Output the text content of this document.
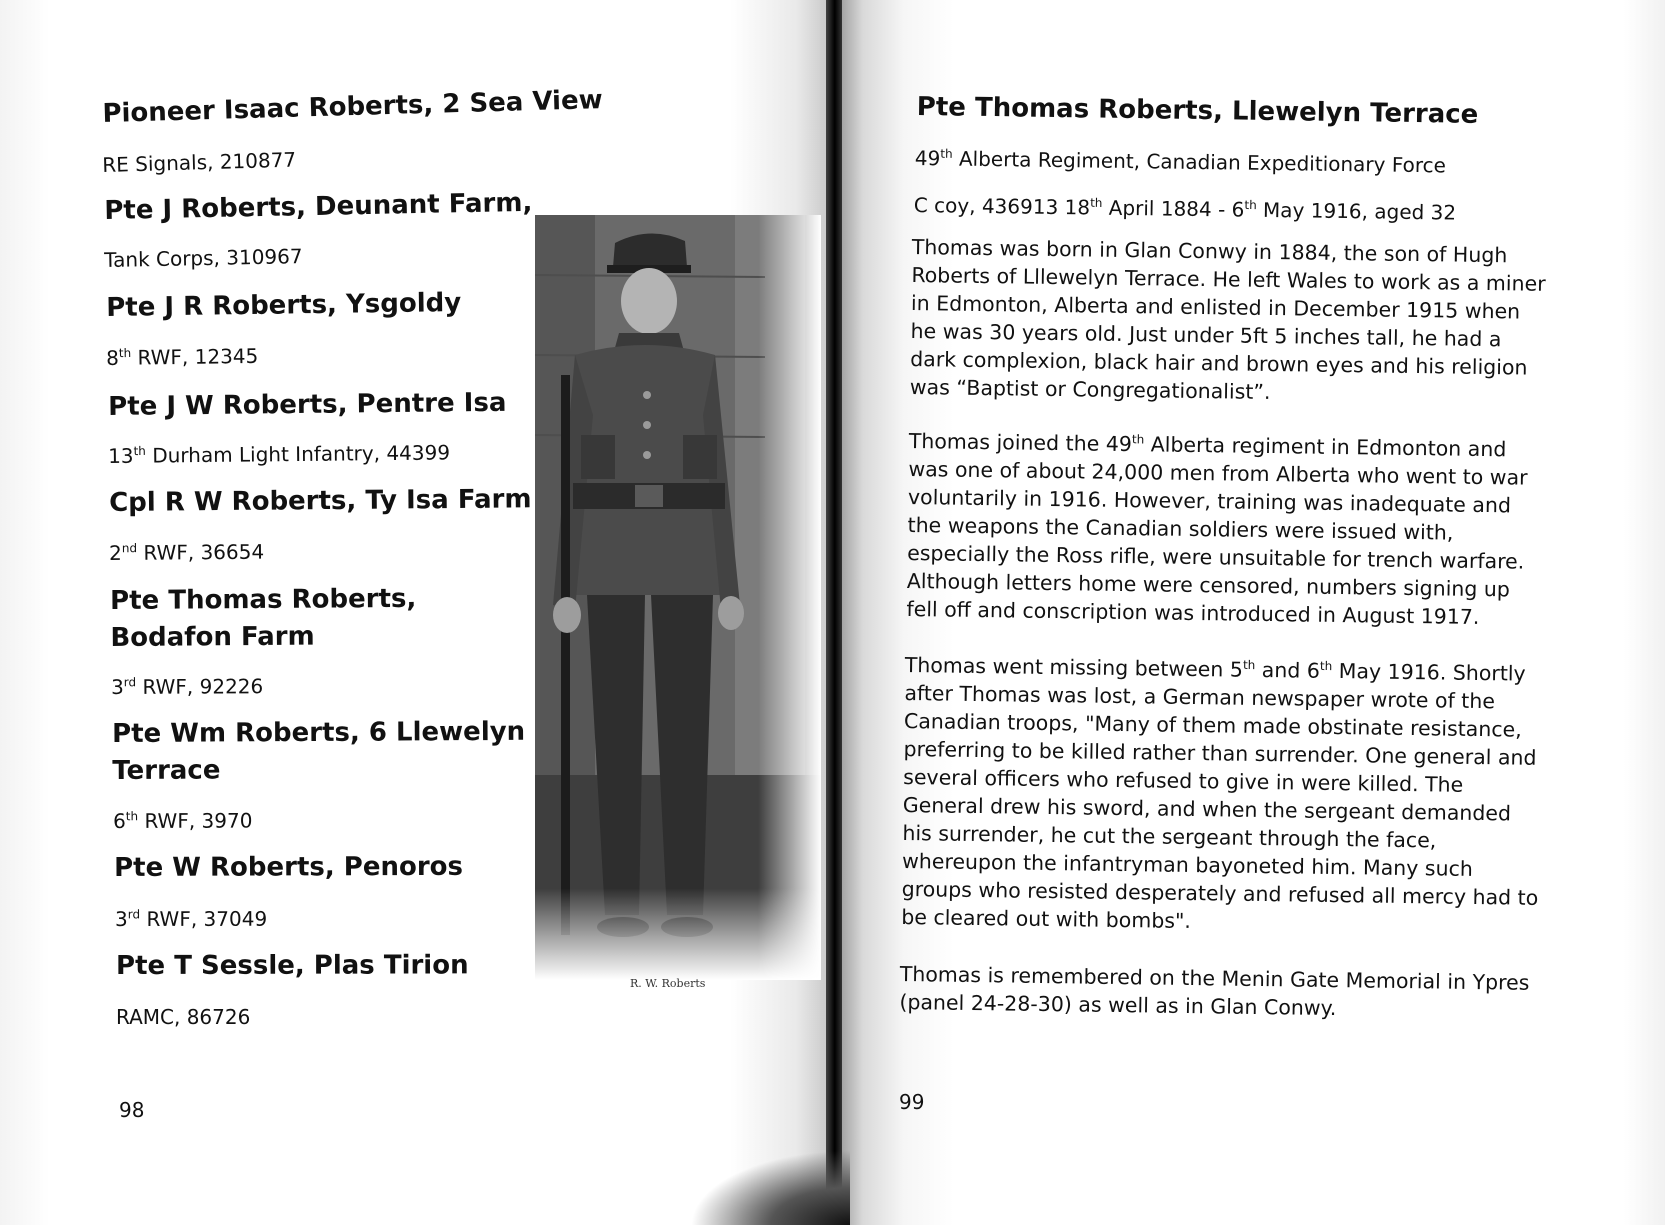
Pioneer Isaac Roberts, 2 Sea View
RE Signals, 210877
Pte J Roberts, Deunant Farm,
Tank Corps, 310967
Pte J R Roberts, Ysgoldy
8th RWF, 12345
Pte J W Roberts, Pentre Isa
13th Durham Light Infantry, 44399
Cpl R W Roberts, Ty Isa Farm
2nd RWF, 36654
Pte Thomas Roberts,
Bodafon Farm
3rd RWF, 92226
Pte Wm Roberts, 6 Llewelyn
Terrace
6th RWF, 3970
Pte W Roberts, Penoros
3rd RWF, 37049
Pte T Sessle, Plas Tirion
RAMC, 86726
R. W. Roberts
98
Pte Thomas Roberts, Llewelyn Terrace
49th Alberta Regiment, Canadian Expeditionary Force
C coy, 436913 18th April 1884 - 6th May 1916, aged 32
Thomas was born in Glan Conwy in 1884, the son of Hugh Roberts of Lllewelyn Terrace. He left Wales to work as a miner in Edmonton, Alberta and enlisted in December 1915 when he was 30 years old. Just under 5ft 5 inches tall, he had a dark complexion, black hair and brown eyes and his religion was “Baptist or Congregationalist”.
Thomas joined the 49th Alberta regiment in Edmonton and was one of about 24,000 men from Alberta who went to war voluntarily in 1916. However, training was inadequate and the weapons the Canadian soldiers were issued with, especially the Ross rifle, were unsuitable for trench warfare. Although letters home were censored, numbers signing up fell off and conscription was introduced in August 1917.
Thomas went missing between 5th and 6th May 1916. Shortly after Thomas was lost, a German newspaper wrote of the Canadian troops, "Many of them made obstinate resistance, preferring to be killed rather than surrender. One general and several officers who refused to give in were killed. The General drew his sword, and when the sergeant demanded his surrender, he cut the sergeant through the face, whereupon the infantryman bayoneted him. Many such groups who resisted desperately and refused all mercy had to be cleared out with bombs".
Thomas is remembered on the Menin Gate Memorial in Ypres (panel 24-28-30) as well as in Glan Conwy.
99
